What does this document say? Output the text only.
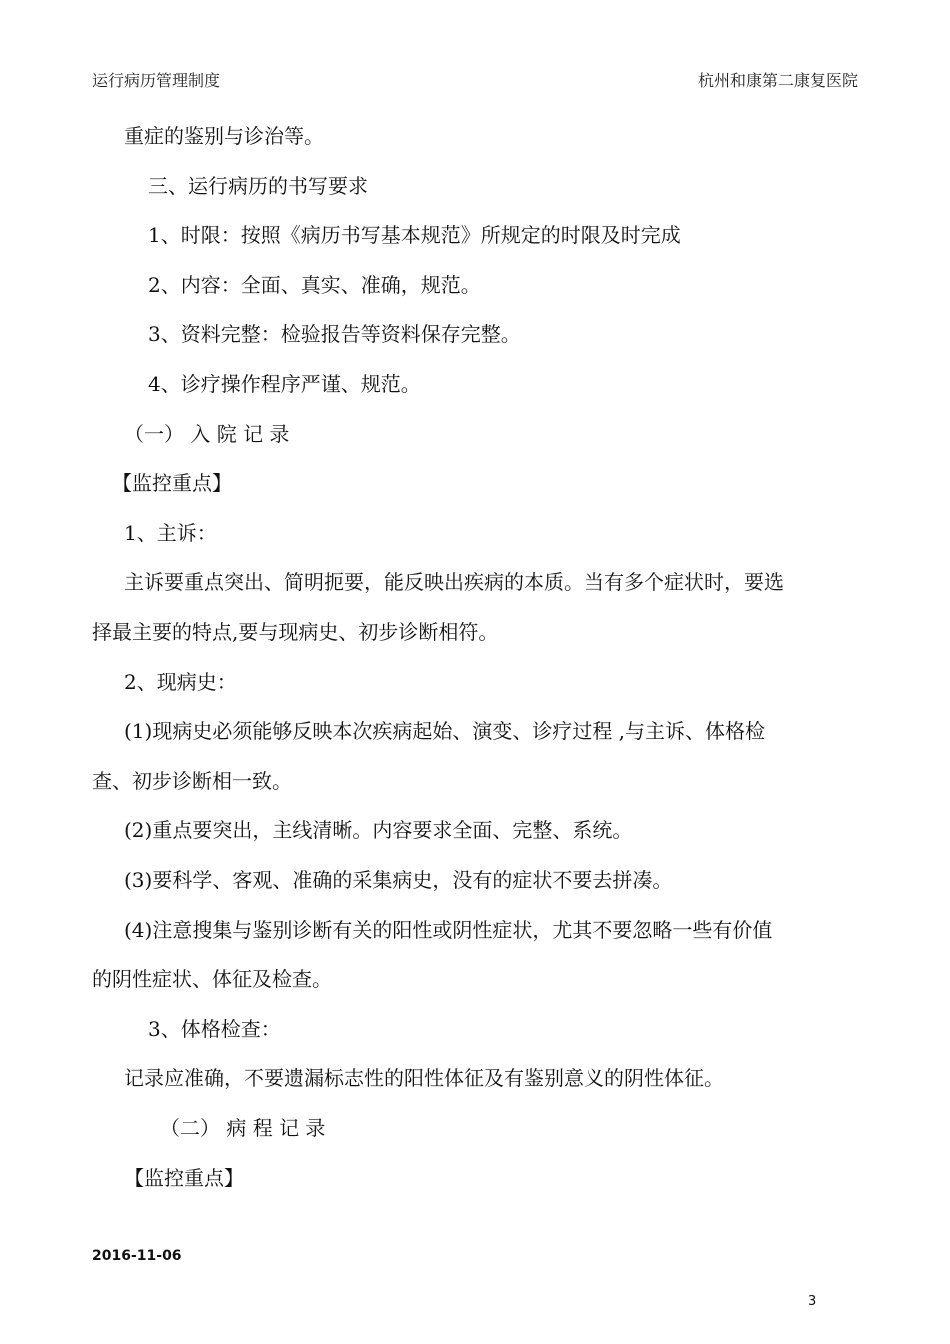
运行病历管理制度	杭州和康第二康复医院
重症的鉴别与诊治等。
三、运行病历的书写要求
1、时限：按照《病历书写基本规范》所规定的时限及时完成
2、内容：全面、真实、准确，规范。
3、资料完整：检验报告等资料保存完整。
4、诊疗操作程序严谨、规范。
（一） 入 院 记 录
【监控重点】
1、主诉：
主诉要重点突出、简明扼要，能反映出疾病的本质。当有多个症状时，要选
择最主要的特点,要与现病史、初步诊断相符。
2、现病史：
(1)现病史必须能够反映本次疾病起始、演变、诊疗过程 ,与主诉、体格检
查、初步诊断相一致。
(2)重点要突出，主线清晰。内容要求全面、完整、系统。
(3)要科学、客观、准确的采集病史，没有的症状不要去拼凑。
(4)注意搜集与鉴别诊断有关的阳性或阴性症状，尤其不要忽略一些有价值
的阴性症状、体征及检查。
3、体格检查：
记录应准确，不要遗漏标志性的阳性体征及有鉴别意义的阴性体征。
（二） 病 程 记 录
【监控重点】
2016-11-06
3
